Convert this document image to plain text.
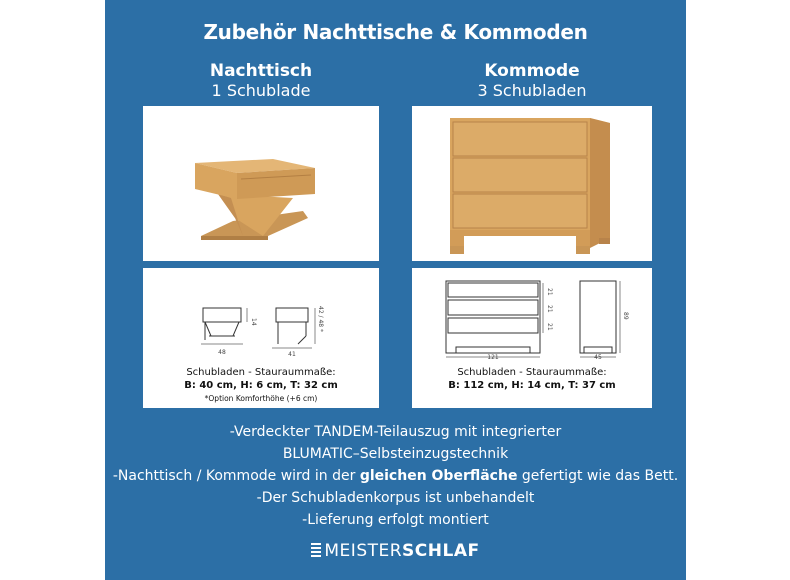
Zubehör Nachttische & Kommoden
Nachttisch
1 Schublade
Kommode
3 Schubladen
48
14
41
42 / 48 *
Schubladen - Stauraummaße:
B: 40 cm, H: 6 cm, T: 32 cm
*Option Komforthöhe (+6 cm)
21
21
21
121
89
45
Schubladen - Stauraummaße:
B: 112 cm, H: 14 cm, T: 37 cm
-Verdeckter TANDEM-Teilauszug mit integrierter
BLUMATIC–Selbsteinzugstechnik
-Nachttisch / Kommode wird in der gleichen Oberfläche gefertigt wie das Bett.
-Der Schubladenkorpus ist unbehandelt
-Lieferung erfolgt montiert
MEISTERSCHLAF
